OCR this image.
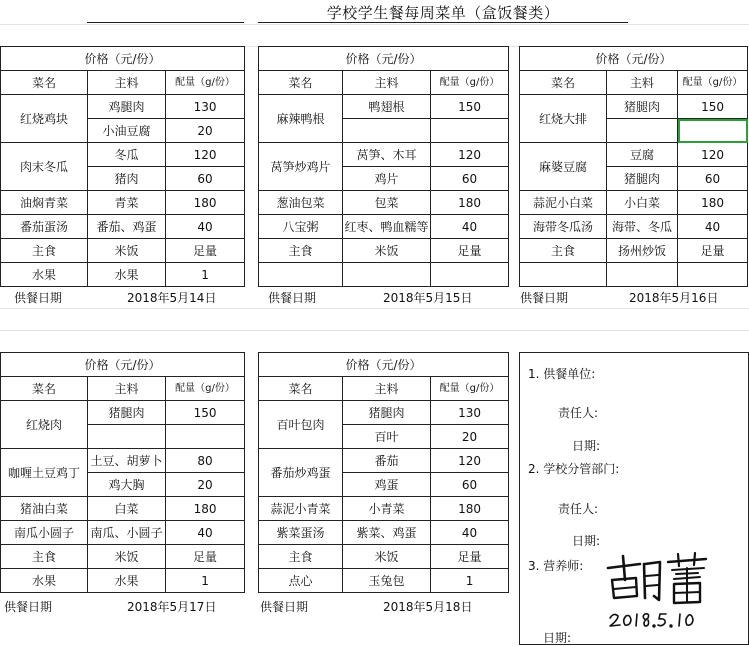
学校学生餐每周菜单（盒饭餐类）
价格（元/份）		
菜名	主料	配量（g/份）
红烧鸡块	鸡腿肉	130
	小油豆腐	20
肉末冬瓜	冬瓜	120
	猪肉	60
油焖青菜	青菜	180
番茄蛋汤	番茄、鸡蛋	40
主食	米饭	足量
水果	水果	1
价格（元/份）		
菜名	主料	配量（g/份）
麻辣鸭根	鸭翅根	150

莴笋炒鸡片	莴笋、木耳	120
	鸡片	60
葱油包菜	包菜	180
八宝粥	红枣、鸭血糯等	40
主食	米饭	足量

价格（元/份）		
菜名	主料	配量（g/份）
红烧大排	猪腿肉	150

麻婆豆腐	豆腐	120
	猪腿肉	60
蒜泥小白菜	小白菜	180
海带冬瓜汤	海带、冬瓜	40
主食	扬州炒饭	足量

价格（元/份）		
菜名	主料	配量（g/份）
红烧肉	猪腿肉	150

咖喱土豆鸡丁	土豆、胡萝卜	80
	鸡大胸	20
猪油白菜	白菜	180
南瓜小圆子	南瓜、小圆子	40
主食	米饭	足量
水果	水果	1
价格（元/份）		
菜名	主料	配量（g/份）
百叶包肉	猪腿肉	130
	百叶	20
番茄炒鸡蛋	番茄	120
	鸡蛋	60
蒜泥小青菜	小青菜	180
紫菜蛋汤	紫菜、鸡蛋	40
主食	米饭	足量
点心	玉兔包	1
供餐日期	2018年5月14日	供餐日期	2018年5月15日	供餐日期	2018年5月16日
供餐日期	2018年5月17日	供餐日期	2018年5月18日
1. 供餐单位:
责任人:
日期:
2. 学校分管部门:
责任人:
日期:
3. 营养师:
日期:
